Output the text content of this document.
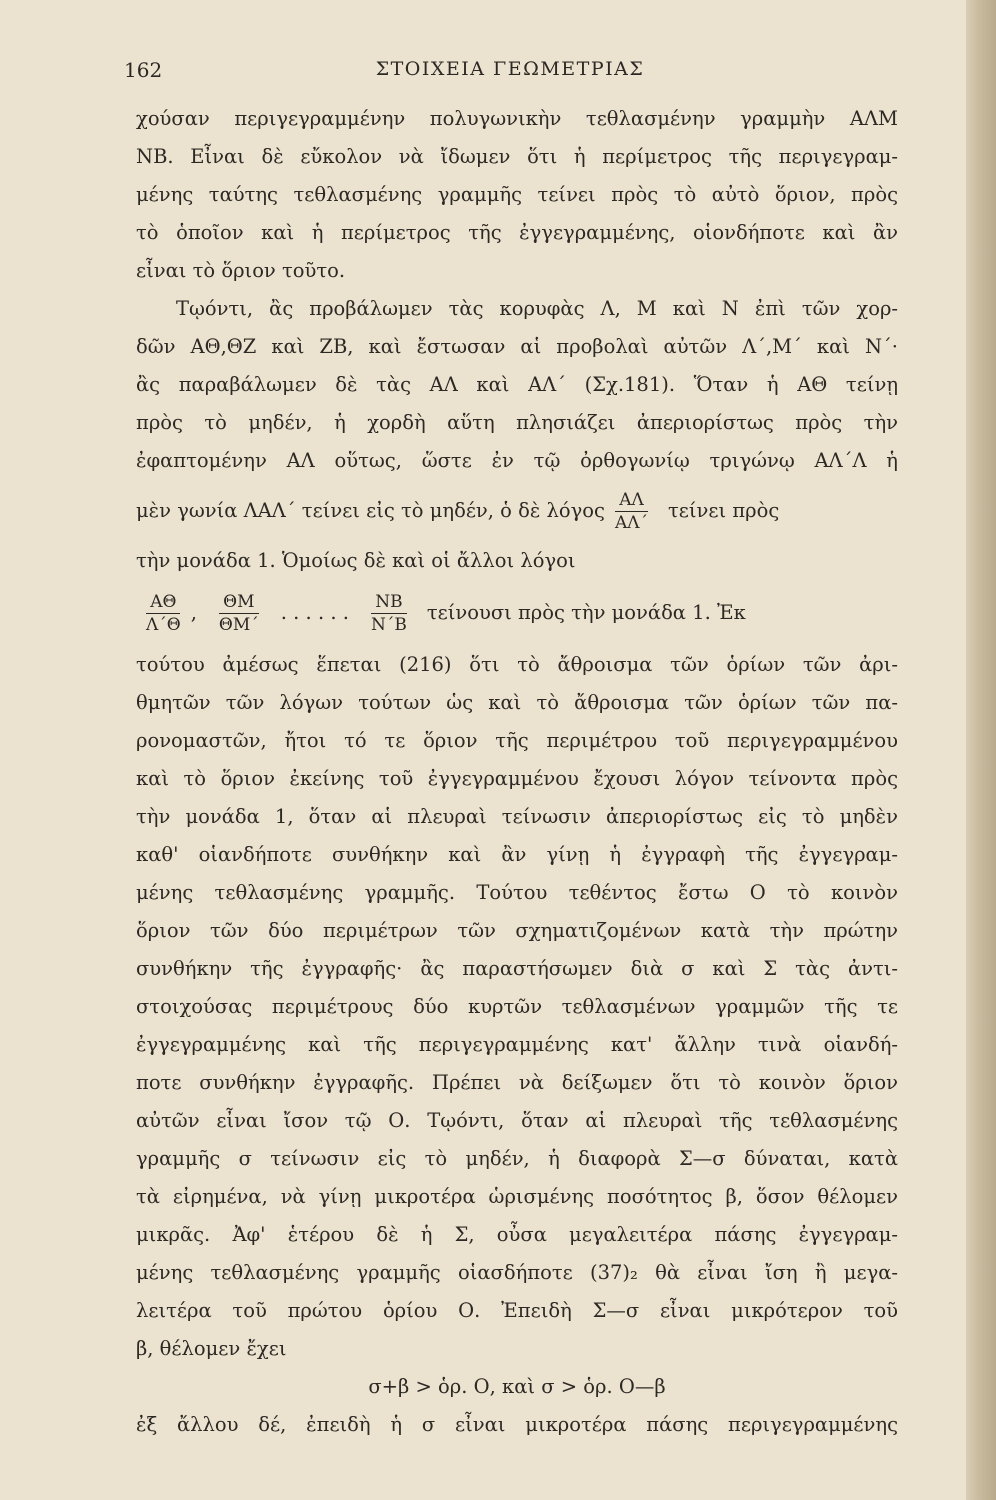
162	ΣΤΟΙΧΕΙΑ ΓΕΩΜΕΤΡΙΑΣ
χούσαν περιγεγραμμένην πολυγωνικὴν τεθλασμένην γραμμὴν ΑΛΜ
ΝΒ. Εἶναι δὲ εὔκολον νὰ ἴδωμεν ὅτι ἡ περίμετρος τῆς περιγεγραμ-
μένης ταύτης τεθλασμένης γραμμῆς τείνει πρὸς τὸ αὐτὸ ὅριον, πρὸς
τὸ ὁποῖον καὶ ἡ περίμετρος τῆς ἐγγεγραμμένης, οἱονδήποτε καὶ ἂν
εἶναι τὸ ὅριον τοῦτο.
Τῳόντι, ἂς προβάλωμεν τὰς κορυφὰς Λ, Μ καὶ Ν ἐπὶ τῶν χορ-
δῶν ΑΘ,ΘΖ καὶ ΖΒ, καὶ ἔστωσαν αἱ προβολαὶ αὐτῶν Λ΄,Μ΄ καὶ Ν΄·
ἂς παραβάλωμεν δὲ τὰς ΑΛ καὶ ΑΛ΄ (Σχ.181). Ὅταν ἡ ΑΘ τείνῃ
πρὸς τὸ μηδέν, ἡ χορδὴ αὕτη πλησιάζει ἀπεριορίστως πρὸς τὴν
ἐφαπτομένην ΑΛ οὕτως, ὥστε ἐν τῷ ὀρθογωνίῳ τριγώνῳ ΑΛ΄Λ ἡ
μὲν γωνία ΛΑΛ΄ τείνει εἰς τὸ μηδέν, ὁ δὲ λόγος $\frac{A\Lambda}{A\Lambda΄}$ τείνει πρὸς
τὴν μονάδα 1. Ὁμοίως δὲ καὶ οἱ ἄλλοι λόγοι
$\frac{A\Theta}{\Lambda΄\Theta}$ , $\frac{\Theta M}{\Theta M΄}$ . . . . . . $\frac{NB}{N΄B}$ τείνουσι πρὸς τὴν μονάδα 1. Ἐκ
τούτου ἀμέσως ἕπεται (216) ὅτι τὸ ἄθροισμα τῶν ὁρίων τῶν ἀρι-
θμητῶν τῶν λόγων τούτων ὡς καὶ τὸ ἄθροισμα τῶν ὁρίων τῶν πα-
ρονομαστῶν, ἤτοι τό τε ὅριον τῆς περιμέτρου τοῦ περιγεγραμμένου
καὶ τὸ ὅριον ἐκείνης τοῦ ἐγγεγραμμένου ἔχουσι λόγον τείνοντα πρὸς
τὴν μονάδα 1, ὅταν αἱ πλευραὶ τείνωσιν ἀπεριορίστως εἰς τὸ μηδὲν
καθ' οἱανδήποτε συνθήκην καὶ ἂν γίνῃ ἡ ἐγγραφὴ τῆς ἐγγεγραμ-
μένης τεθλασμένης γραμμῆς. Τούτου τεθέντος ἔστω Ο τὸ κοινὸν
ὅριον τῶν δύο περιμέτρων τῶν σχηματιζομένων κατὰ τὴν πρώτην
συνθήκην τῆς ἐγγραφῆς· ἂς παραστήσωμεν διὰ σ καὶ Σ τὰς ἀντι-
στοιχούσας περιμέτρους δύο κυρτῶν τεθλασμένων γραμμῶν τῆς τε
ἐγγεγραμμένης καὶ τῆς περιγεγραμμένης κατ' ἄλλην τινὰ οἱανδή-
ποτε συνθήκην ἐγγραφῆς. Πρέπει νὰ δείξωμεν ὅτι τὸ κοινὸν ὅριον
αὐτῶν εἶναι ἴσον τῷ Ο. Τῳόντι, ὅταν αἱ πλευραὶ τῆς τεθλασμένης
γραμμῆς σ τείνωσιν εἰς τὸ μηδέν, ἡ διαφορὰ Σ—σ δύναται, κατὰ
τὰ εἰρημένα, νὰ γίνῃ μικροτέρα ὡρισμένης ποσότητος β, ὅσον θέλομεν
μικρᾶς. Ἀφ' ἑτέρου δὲ ἡ Σ, οὖσα μεγαλειτέρα πάσης ἐγγεγραμ-
μένης τεθλασμένης γραμμῆς οἱασδήποτε (37)₂ θὰ εἶναι ἴση ἢ μεγα-
λειτέρα τοῦ πρώτου ὁρίου Ο. Ἐπειδὴ Σ—σ εἶναι μικρότερον τοῦ
β, θέλομεν ἔχει
σ+β > ὁρ. Ο, καὶ σ > ὁρ. Ο—β
ἐξ ἄλλου δέ, ἐπειδὴ ἡ σ εἶναι μικροτέρα πάσης περιγεγραμμένης
